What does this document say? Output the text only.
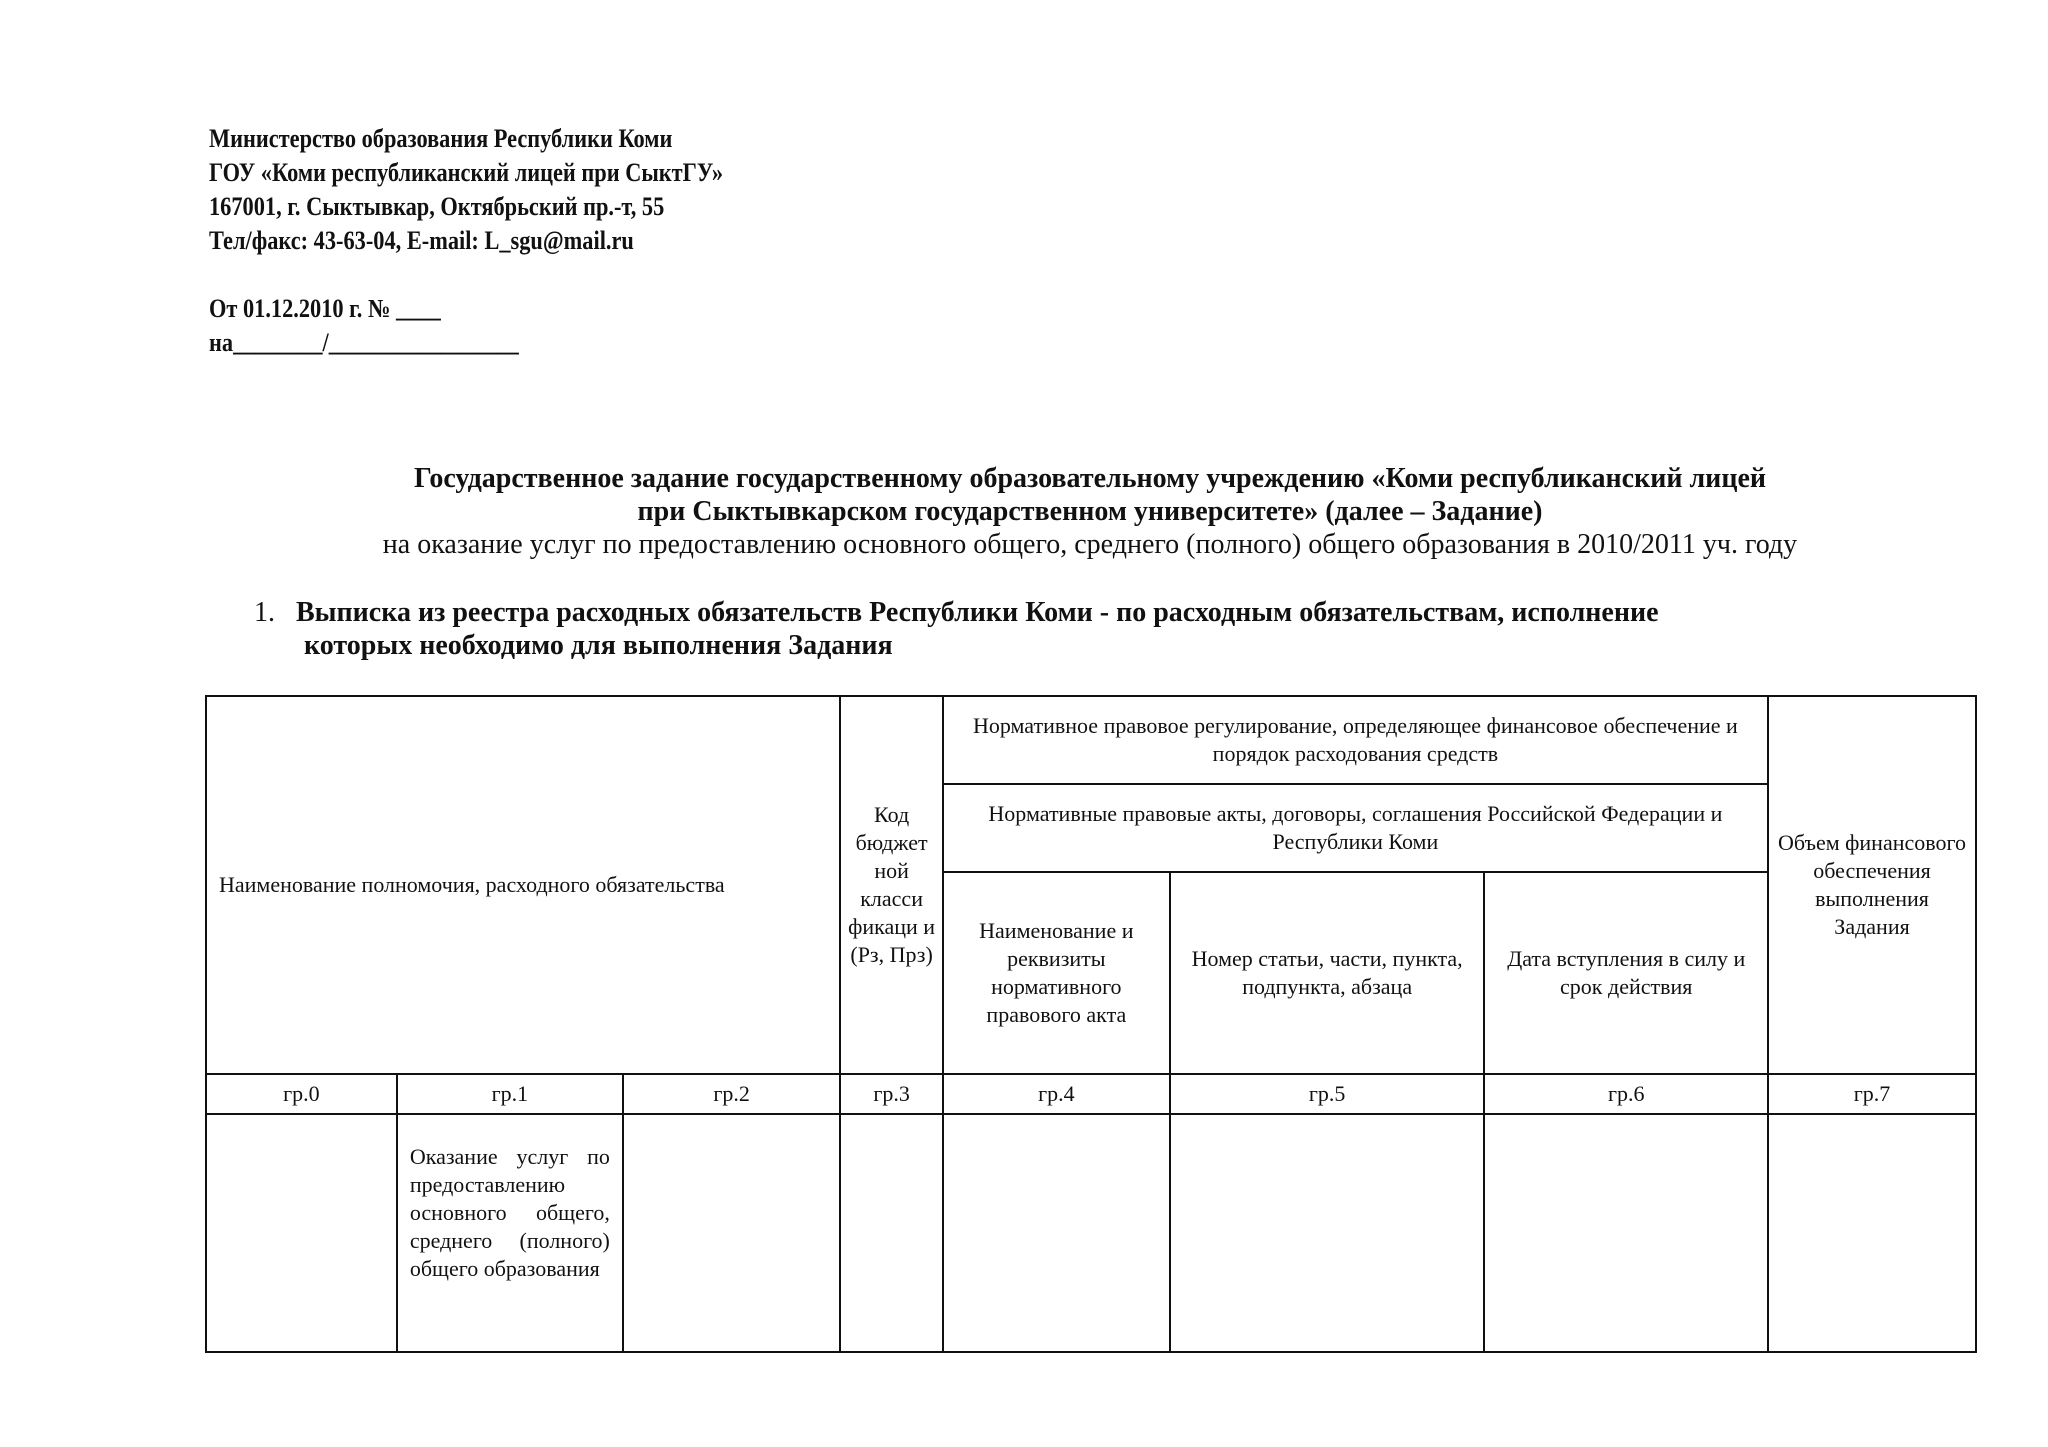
Министерство образования Республики Коми
ГОУ «Коми республиканский лицей при СыктГУ»
167001, г. Сыктывкар, Октябрьский пр.-т, 55
Тел/факс: 43-63-04, E-mail: L_sgu@mail.ru
От 01.12.2010 г. № ____
на________/_________________
Государственное задание государственному образовательному учреждению «Коми республиканский лицей
при Сыктывкарском государственном университете» (далее – Задание)
на оказание услуг по предоставлению основного общего, среднего (полного) общего образования в 2010/2011 уч. году
1. Выписка из реестра расходных обязательств Республики Коми - по расходным обязательствам, исполнение
которых необходимо для выполнения Задания
Наименование полномочия, расходного обязательства			Код бюджет ной класси фикаци и (Рз, Прз)	Нормативное правовое регулирование, определяющее финансовое обеспечение и порядок расходования средств			Объем финансового обеспечения выполнения Задания
				Нормативные правовые акты, договоры, соглашения Российской Федерации и Республики Коми			
				Наименование и реквизиты нормативного правового акта	Номер статьи, части, пункта, подпункта, абзаца	Дата вступления в силу и срок действия	
гр.0	гр.1	гр.2	гр.3	гр.4	гр.5	гр.6	гр.7
	Оказание услуг по предоставлению основного общего, среднего (полного) общего образования						
